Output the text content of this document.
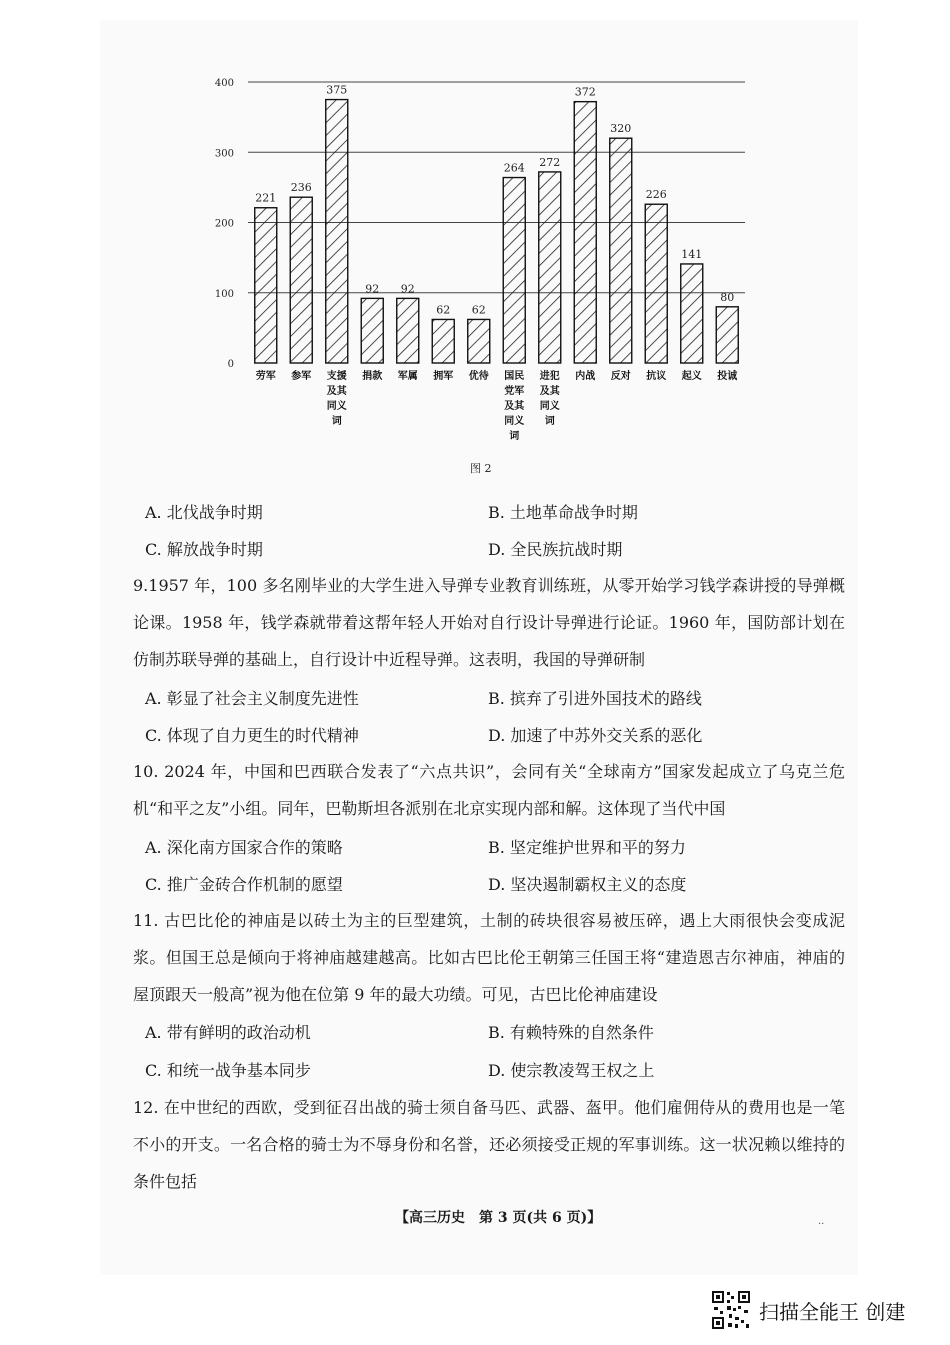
0
100
200
300
400
221
劳军
236
参军
375
支援及其同义词
92
捐款
92
军属
62
拥军
62
优待
264
国民党军及其同义词
272
进犯及其同义词
372
内战
320
反对
226
抗议
141
起义
80
投诚
图 2
A. 北伐战争时期	B. 土地革命战争时期
C. 解放战争时期	D. 全民族抗战时期
9.1957 年，100 多名刚毕业的大学生进入导弹专业教育训练班，从零开始学习钱学森讲授的导弹概论课。1958 年，钱学森就带着这帮年轻人开始对自行设计导弹进行论证。1960 年，国防部计划在仿制苏联导弹的基础上，自行设计中近程导弹。这表明，我国的导弹研制
A. 彰显了社会主义制度先进性	B. 摈弃了引进外国技术的路线
C. 体现了自力更生的时代精神	D. 加速了中苏外交关系的恶化
10. 2024 年，中国和巴西联合发表了“六点共识”，会同有关“全球南方”国家发起成立了乌克兰危机“和平之友”小组。同年，巴勒斯坦各派别在北京实现内部和解。这体现了当代中国
A. 深化南方国家合作的策略	B. 坚定维护世界和平的努力
C. 推广金砖合作机制的愿望	D. 坚决遏制霸权主义的态度
11. 古巴比伦的神庙是以砖土为主的巨型建筑，土制的砖块很容易被压碎，遇上大雨很快会变成泥浆。但国王总是倾向于将神庙越建越高。比如古巴比伦王朝第三任国王将“建造恩吉尔神庙，神庙的屋顶跟天一般高”视为他在位第 9 年的最大功绩。可见，古巴比伦神庙建设
A. 带有鲜明的政治动机	B. 有赖特殊的自然条件
C. 和统一战争基本同步	D. 使宗教凌驾王权之上
12. 在中世纪的西欧，受到征召出战的骑士须自备马匹、武器、盔甲。他们雇佣侍从的费用也是一笔不小的开支。一名合格的骑士为不辱身份和名誉，还必须接受正规的军事训练。这一状况赖以维持的条件包括
【高三历史　第 3 页(共 6 页)】	··
扫描全能王 创建
